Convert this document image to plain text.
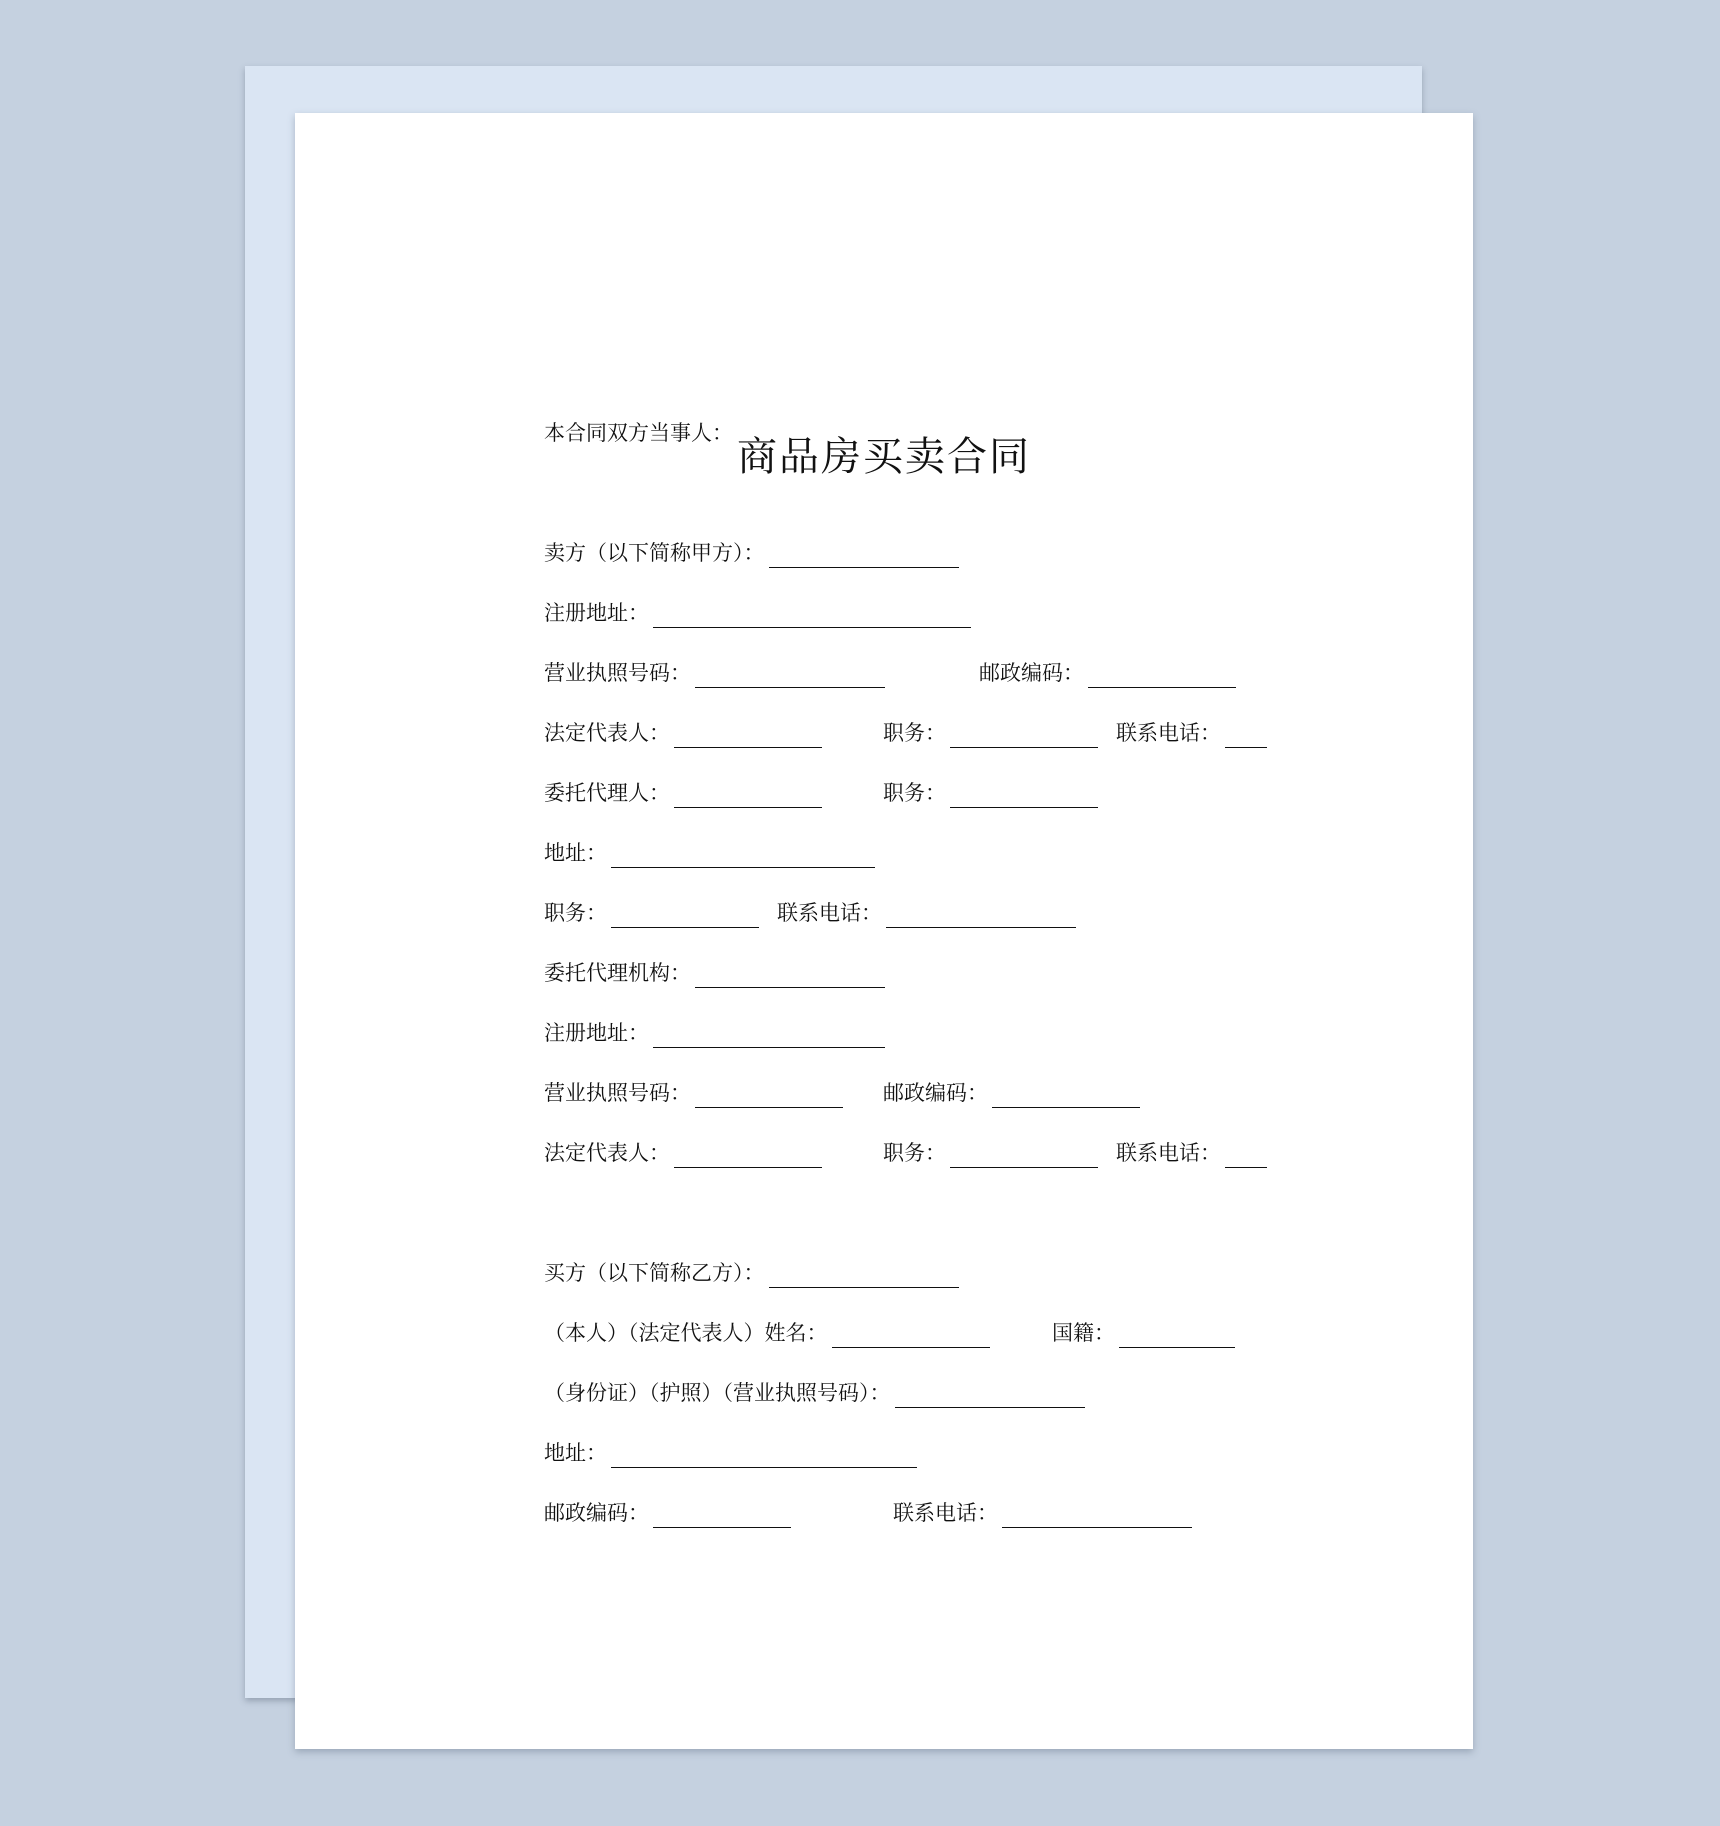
商品房买卖合同
本合同双方当事人：
卖方（以下简称甲方）：
注册地址：
营业执照号码：	邮政编码：
法定代表人：	职务：	联系电话：
委托代理人：	职务：
地址：
职务：	联系电话：
委托代理机构：
注册地址：
营业执照号码：	邮政编码：
法定代表人：	职务：	联系电话：
买方（以下简称乙方）：
（本人）（法定代表人）姓名：	国籍：
（身份证）（护照）（营业执照号码）：
地址：
邮政编码：	联系电话：
